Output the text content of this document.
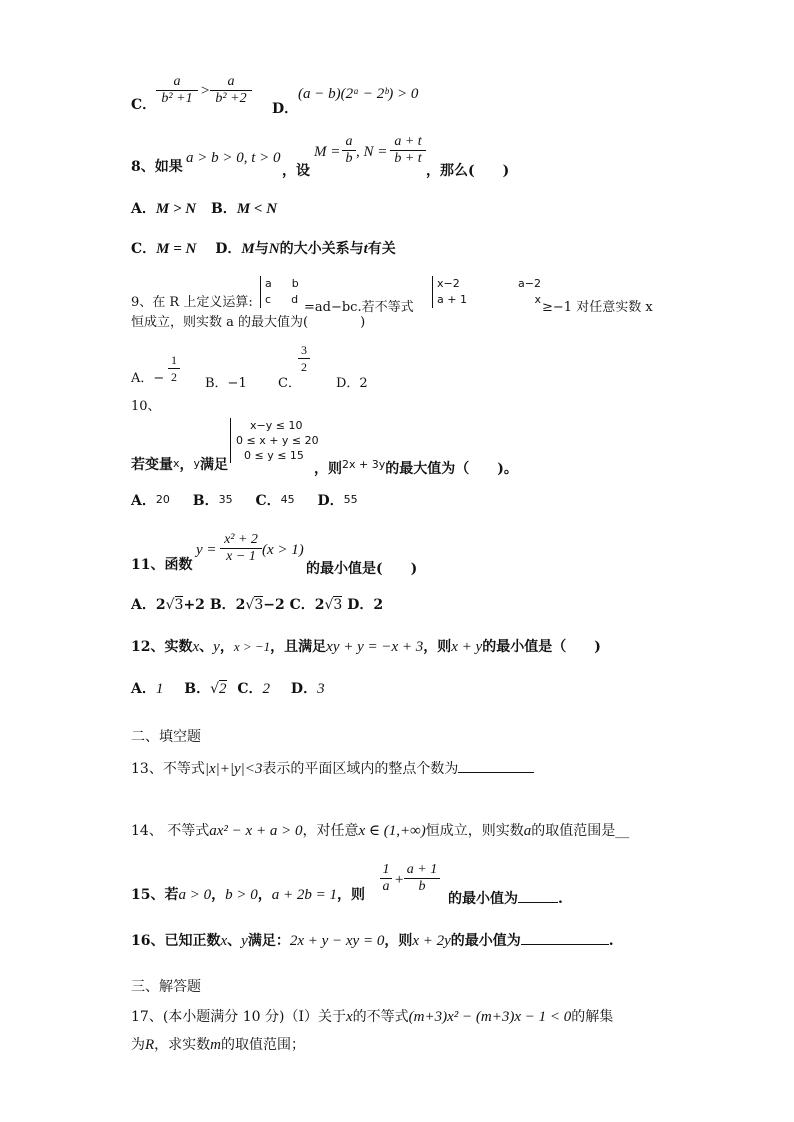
C． $\frac{a}{\text{b² +1}} > \frac{a}{\text{b² +2}}$
D．
(a − b)(2ᵃ − 2ᵇ) > 0
8、如果
a > b > 0, t > 0
，设
$M = \frac{a}{b}$ , $N = \frac{a + t}{b + t}$
，那么(　　)
A．M > N B．M < N
C．M = N D．M与N的大小关系与t有关
9、在 R 上定义运算:
a b
c d
=ad−bc.若不等式
x−2	a−2
a + 1	x
≥−1 对任意实数 x
恒成立，则实数 a 的最大值为(　　　　)
A．− $\frac{1}{2}$ B．−1 C．
$\frac{3}{2}$
D．2
10、
x−y ≤ 10
0 ≤ x + y ≤ 20
0 ≤ y ≤ 15
若变量$^x$，$^y$满足	，则$^{2x + 3y}$的最大值为（　　)。
A．$^{20}$ B．$^{35}$ C．$^{45}$ D．$^{55}$
11、函数
$y = \frac{\text{x² + 2}}{x - 1} (x > 1)$
的最小值是(　　)
A．2√3+2 B．2√3−2 C．2√3 D．2
12、实数x、y，x > −1，且满足xy + y = −x + 3，则x + y的最小值是（　　)
A．1 B．√2 C．2 D．3
二、填空题
13、不等式|x|+|y|<3表示的平面区域内的整点个数为
14、 不等式ax² − x + a > 0，对任意x ∈ (1,+∞)恒成立，则实数a的取值范围是__
15、若a > 0，b > 0，a + 2b = 1，则 $\frac{1}{a} + \frac{a + 1}{b}$
的最小值为	.
16、已知正数x、y满足：2x + y − xy = 0，则x + 2y的最小值为	.
三、解答题
17、(本小题满分 10 分)（Ⅰ）关于x的不等式(m+3)x² − (m+3)x − 1 < 0的解集
为R，求实数m的取值范围；
